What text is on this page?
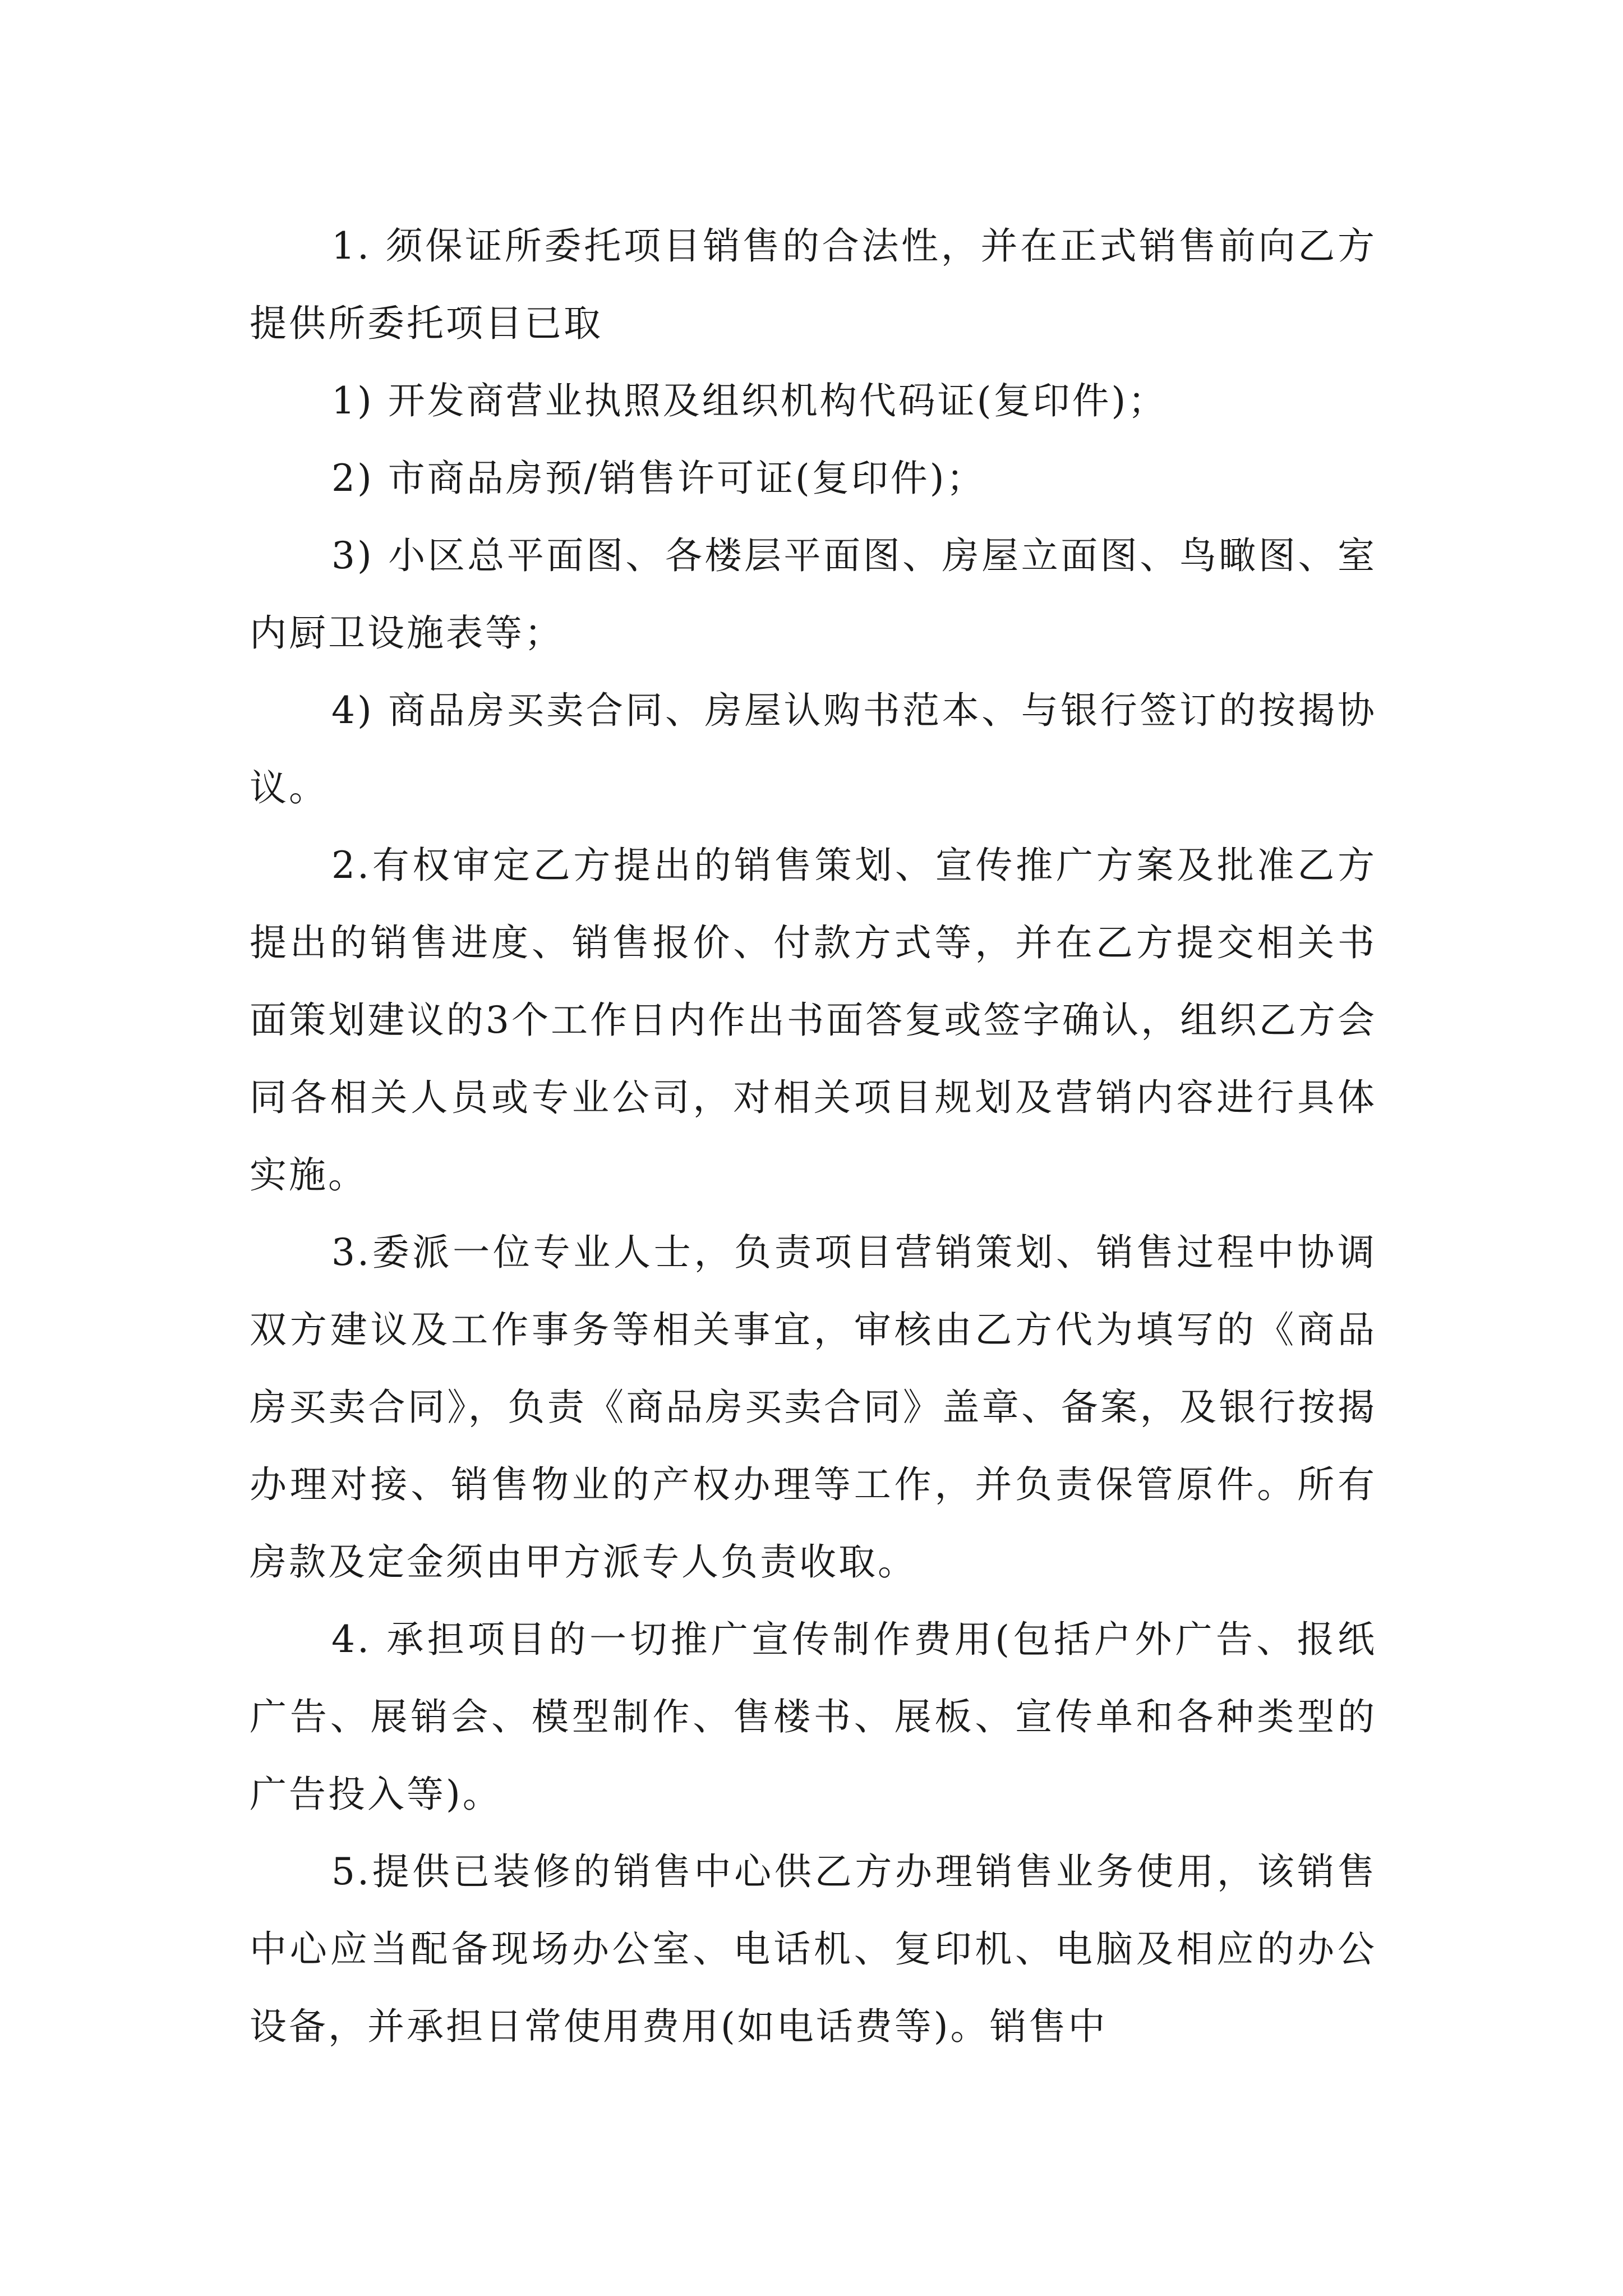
1. 须保证所委托项目销售的合法性，并在正式销售前向乙方提供所委托项目已取

1) 开发商营业执照及组织机构代码证(复印件)；

2) 市商品房预/销售许可证(复印件)；

3) 小区总平面图、各楼层平面图、房屋立面图、鸟瞰图、室内厨卫设施表等；

4) 商品房买卖合同、房屋认购书范本、与银行签订的按揭协议。

2.有权审定乙方提出的销售策划、宣传推广方案及批准乙方提出的销售进度、销售报价、付款方式等，并在乙方提交相关书面策划建议的3个工作日内作出书面答复或签字确认，组织乙方会同各相关人员或专业公司，对相关项目规划及营销内容进行具体实施。

3.委派一位专业人士，负责项目营销策划、销售过程中协调双方建议及工作事务等相关事宜，审核由乙方代为填写的《商品房买卖合同》，负责《商品房买卖合同》盖章、备案，及银行按揭办理对接、销售物业的产权办理等工作，并负责保管原件。所有房款及定金须由甲方派专人负责收取。

4. 承担项目的一切推广宣传制作费用(包括户外广告、报纸广告、展销会、模型制作、售楼书、展板、宣传单和各种类型的广告投入等)。

5.提供已装修的销售中心供乙方办理销售业务使用，该销售中心应当配备现场办公室、电话机、复印机、电脑及相应的办公设备，并承担日常使用费用(如电话费等)。销售中
